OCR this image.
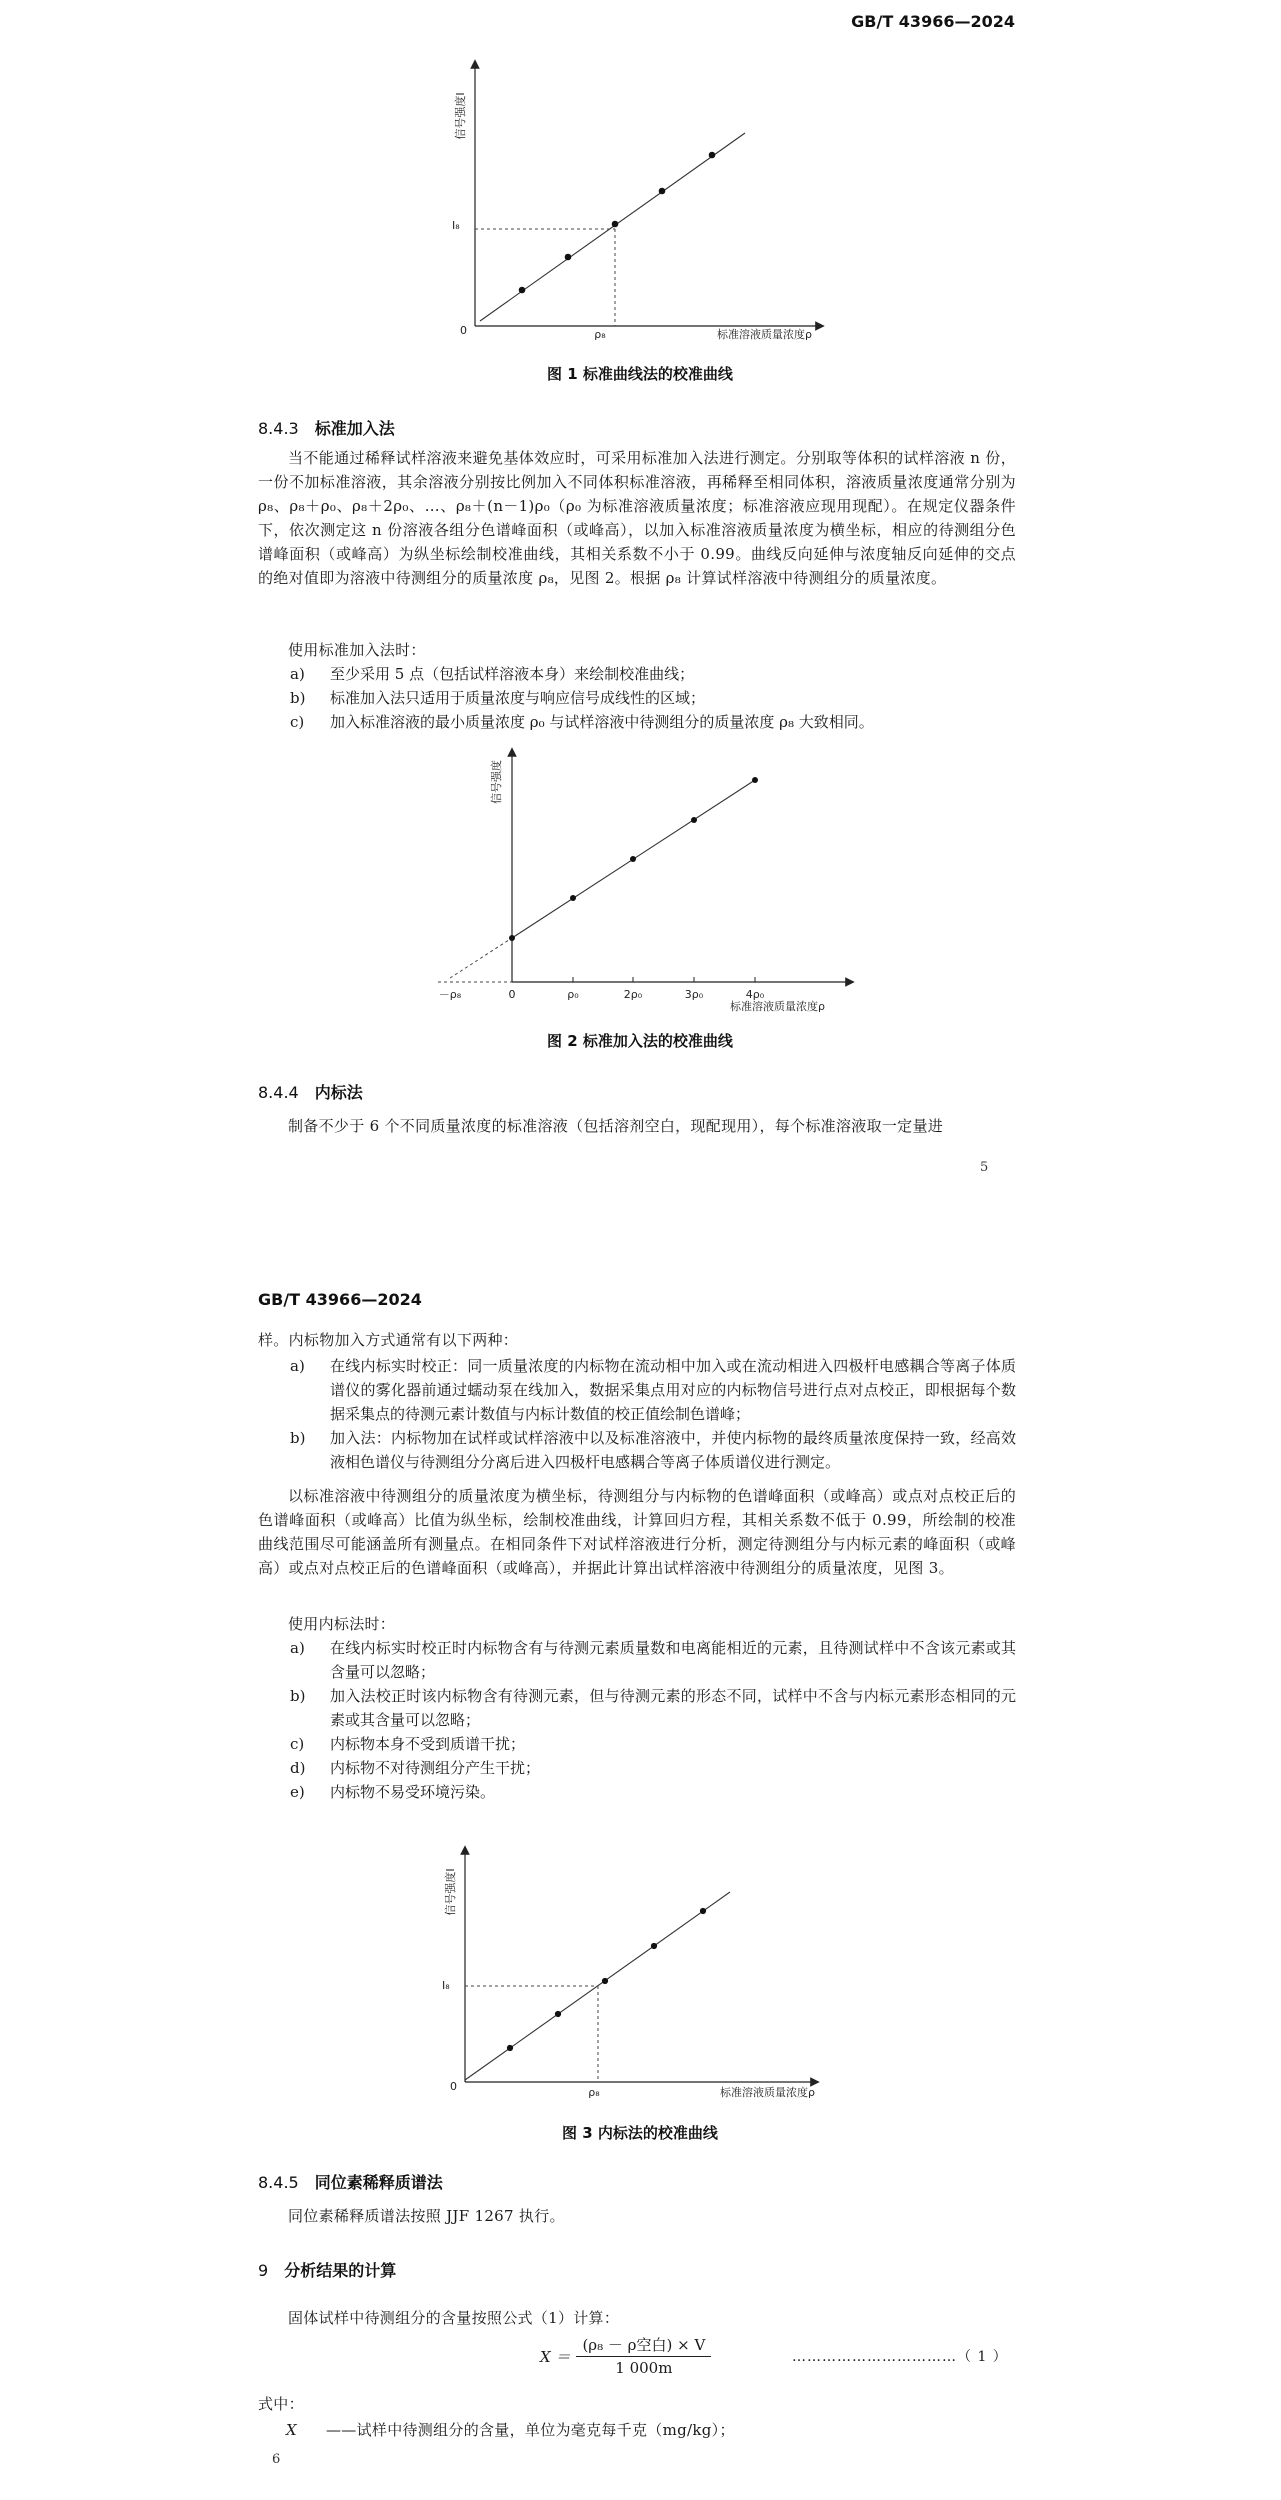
GB/T 43966—2024
信号强度I
I₈
0	ρ₈	标准溶液质量浓度ρ
图 1 标准曲线法的校准曲线
8.4.3 标准加入法
当不能通过稀释试样溶液来避免基体效应时，可采用标准加入法进行测定。分别取等体积的试样溶液 n 份，一份不加标准溶液，其余溶液分别按比例加入不同体积标准溶液，再稀释至相同体积，溶液质量浓度通常分别为 ρ₈、ρ₈＋ρ₀、ρ₈＋2ρ₀、…、ρ₈＋(n－1)ρ₀（ρ₀ 为标准溶液质量浓度；标准溶液应现用现配）。在规定仪器条件下，依次测定这 n 份溶液各组分色谱峰面积（或峰高），以加入标准溶液质量浓度为横坐标，相应的待测组分色谱峰面积（或峰高）为纵坐标绘制校准曲线，其相关系数不小于 0.99。曲线反向延伸与浓度轴反向延伸的交点的绝对值即为溶液中待测组分的质量浓度 ρ₈，见图 2。根据 ρ₈ 计算试样溶液中待测组分的质量浓度。
使用标准加入法时：
a)	至少采用 5 点（包括试样溶液本身）来绘制校准曲线；
b)	标准加入法只适用于质量浓度与响应信号成线性的区域；
c)	加入标准溶液的最小质量浓度 ρ₀ 与试样溶液中待测组分的质量浓度 ρ₈ 大致相同。
信号强度
－ρ₈	0	ρ₀	2ρ₀	3ρ₀	4ρ₀
标准溶液质量浓度ρ
图 2 标准加入法的校准曲线
8.4.4 内标法
制备不少于 6 个不同质量浓度的标准溶液（包括溶剂空白，现配现用），每个标准溶液取一定量进
5
GB/T 43966—2024
样。内标物加入方式通常有以下两种：
a)	在线内标实时校正：同一质量浓度的内标物在流动相中加入或在流动相进入四极杆电感耦合等离子体质谱仪的雾化器前通过蠕动泵在线加入，数据采集点用对应的内标物信号进行点对点校正，即根据每个数据采集点的待测元素计数值与内标计数值的校正值绘制色谱峰；
b)	加入法：内标物加在试样或试样溶液中以及标准溶液中，并使内标物的最终质量浓度保持一致，经高效液相色谱仪与待测组分分离后进入四极杆电感耦合等离子体质谱仪进行测定。
以标准溶液中待测组分的质量浓度为横坐标，待测组分与内标物的色谱峰面积（或峰高）或点对点校正后的色谱峰面积（或峰高）比值为纵坐标，绘制校准曲线，计算回归方程，其相关系数不低于 0.99，所绘制的校准曲线范围尽可能涵盖所有测量点。在相同条件下对试样溶液进行分析，测定待测组分与内标元素的峰面积（或峰高）或点对点校正后的色谱峰面积（或峰高），并据此计算出试样溶液中待测组分的质量浓度，见图 3。
使用内标法时：
a)	在线内标实时校正时内标物含有与待测元素质量数和电离能相近的元素，且待测试样中不含该元素或其含量可以忽略；
b)	加入法校正时该内标物含有待测元素，但与待测元素的形态不同，试样中不含与内标元素形态相同的元素或其含量可以忽略；
c)	内标物本身不受到质谱干扰；
d)	内标物不对待测组分产生干扰；
e)	内标物不易受环境污染。
信号强度I
I₈
0	ρ₈	标准溶液质量浓度ρ
图 3 内标法的校准曲线
8.4.5 同位素稀释质谱法
同位素稀释质谱法按照 JJF 1267 执行。
9 分析结果的计算
固体试样中待测组分的含量按照公式（1）计算：
X ＝
(ρ₈ － ρ空白) × V
1 000m
……………………………（ 1 ）
式中：
X	——试样中待测组分的含量，单位为毫克每千克（mg/kg）；
6
